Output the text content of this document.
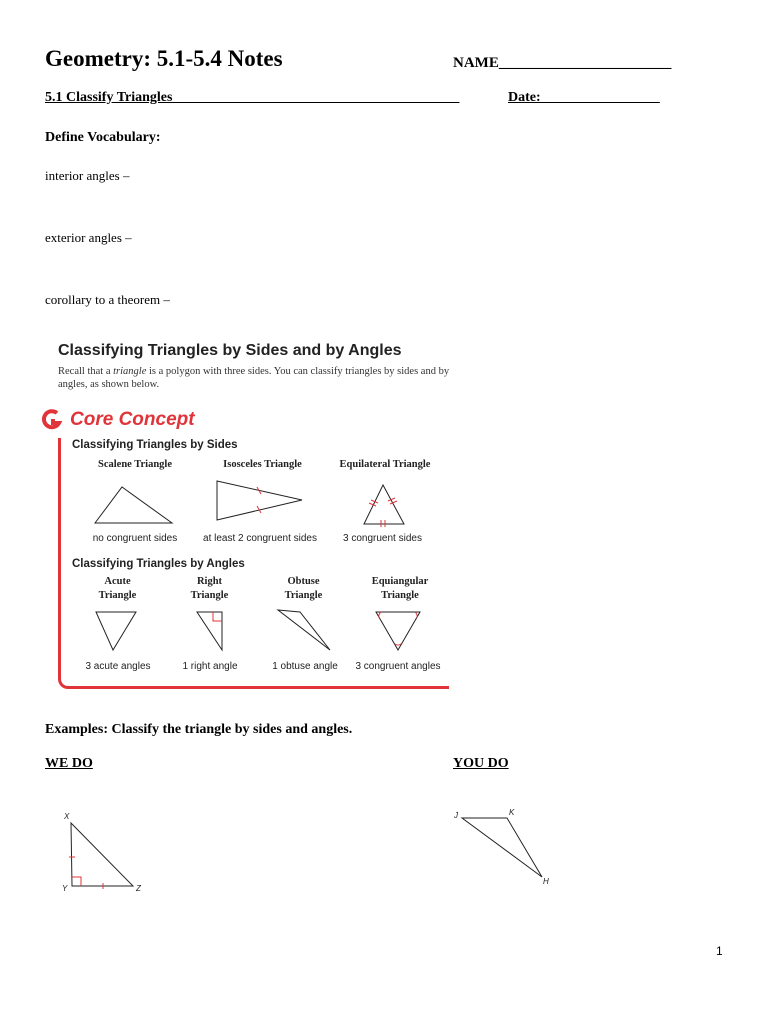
Geometry: 5.1-5.4 Notes	NAME_______________________
5.1 Classify Triangles_________________________________________	Date:_________________
Define Vocabulary:
interior angles –
exterior angles –
corollary to a theorem –
Classifying Triangles by Sides and by Angles
Recall that a triangle is a polygon with three sides. You can classify triangles by sides and by angles, as shown below.
Core Concept
Classifying Triangles by Sides
Scalene Triangle	Isosceles Triangle	Equilateral Triangle
X
Y	Z
J	K
H
no congruent sides	at least 2 congruent sides	3 congruent sides
Classifying Triangles by Angles
Acute
Triangle
Right
Triangle
Obtuse
Triangle
Equiangular
Triangle
3 acute angles	1 right angle	1 obtuse angle	3 congruent angles
Examples: Classify the triangle by sides and angles.
WE DO	YOU DO
1
